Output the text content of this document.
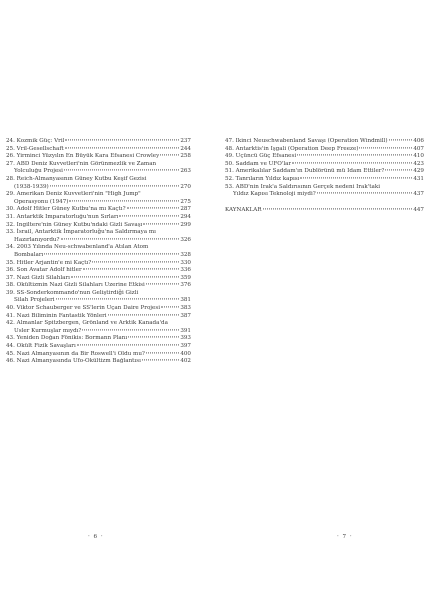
24. Kozmik Güç: Vril	237
25. Vril-Gesellschaft	244
26. Yirminci Yüzyılın En Büyük Kara Efsanesi Crowley	258
27. ABD Deniz Kuvvetleri'nin Görünmezlik ve Zaman
Yolculuğu Projesi	263
28. Reich-Almanyasının Güney Kutbu Keşif Gezisi
(1938-1939)	270
29. Amerikan Deniz Kuvvetleri'nin "High Jump"
Operasyonu (1947)	275
30. Adolf Hitler Güney Kutbu'na mı Kaçtı?	287
31. Antarktik İmparatorluğu'nun Sırları	294
32. İngiltere'nin Güney Kutbu'ndaki Gizli Savaşı	299
33. İsrail, Antarktik İmparatorluğu'na Saldırmaya mı
Hazırlanıyordu?	326
34. 2003 Yılında Neu-schwabenland'a Atılan Atom
Bombaları	328
35. Hitler Arjantin'e mi Kaçtı?	330
36. Son Avatar Adolf hitler	336
37. Nazi Gizli Silahları	359
38. Okültizmin Nazi Gizli Silahları Üzerine Etkisi	376
39. SS-Sonderkommando'nun Geliştirdiği Gizli
Silah Projeleri	381
40. Viktor Schauberger ve SS'lerin Uçan Daire Projesi	383
41. Nazi Biliminin Fantastik Yönleri	387
42. Almanlar Spitzbergen, Grönland ve Arktik Kanada'da
Üsler Kurmuşlar mıydı?	391
43. Yeniden Doğan Fönikis: Bormann Planı	393
44. Okült Fizik Savaşları	397
45. Nazi Almanyasının da Bir Roswell'i Oldu mu?	400
46. Nazi Almanyasında Ufo-Okültizm Bağlantısı	402
47. İkinci Neuschwabenland Savaşı (Operation Windmill)	406
48. Antarktis'in İşgali (Operation Deep Freeze)	407
49. Üçüncü Güç Efsanesi	410
50. Saddam ve UFO'lar	423
51. Amerikalılar Saddam'ın Dublörünü mü İdam Ettiler?	429
52. Tanrıların Yıldız kapısı	431
53. ABD'nin Irak'a Saldırısının Gerçek nedeni Irak'taki
Yıldız Kapısı Teknoloji miydi?	437
KAYNAKLAR	447
· 6 ·	· 7 ·
